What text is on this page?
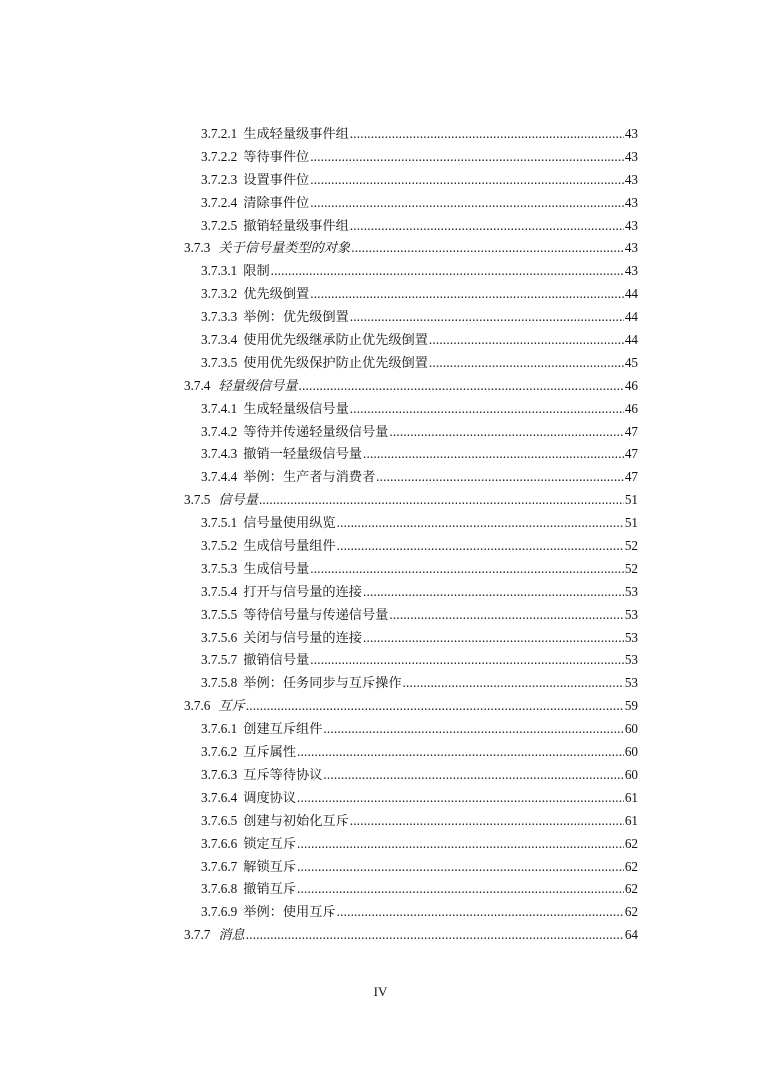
3.7.2.1 生成轻量级事件组 .....	43
3.7.2.2 等待事件位 .....	43
3.7.2.3 设置事件位 .....	43
3.7.2.4 清除事件位 .....	43
3.7.2.5 撤销轻量级事件组 .....	43
3.7.3 关于信号量类型的对象 .....	43
3.7.3.1 限制 .....	43
3.7.3.2 优先级倒置 .....	44
3.7.3.3 举例：优先级倒置 .....	44
3.7.3.4 使用优先级继承防止优先级倒置 .....	44
3.7.3.5 使用优先级保护防止优先级倒置 .....	45
3.7.4 轻量级信号量 .....	46
3.7.4.1 生成轻量级信号量 .....	46
3.7.4.2 等待并传递轻量级信号量 .....	47
3.7.4.3 撤销一轻量级信号量 .....	47
3.7.4.4 举例：生产者与消费者 .....	47
3.7.5 信号量 .....	51
3.7.5.1 信号量使用纵览 .....	51
3.7.5.2 生成信号量组件 .....	52
3.7.5.3 生成信号量 .....	52
3.7.5.4 打开与信号量的连接 .....	53
3.7.5.5 等待信号量与传递信号量 .....	53
3.7.5.6 关闭与信号量的连接 .....	53
3.7.5.7 撤销信号量 .....	53
3.7.5.8 举例：任务同步与互斥操作 .....	53
3.7.6 互斥 .....	59
3.7.6.1 创建互斥组件 .....	60
3.7.6.2 互斥属性 .....	60
3.7.6.3 互斥等待协议 .....	60
3.7.6.4 调度协议 .....	61
3.7.6.5 创建与初始化互斥 .....	61
3.7.6.6 锁定互斥 .....	62
3.7.6.7 解锁互斥 .....	62
3.7.6.8 撤销互斥 .....	62
3.7.6.9 举例：使用互斥 .....	62
3.7.7 消息 .....	64
IV
